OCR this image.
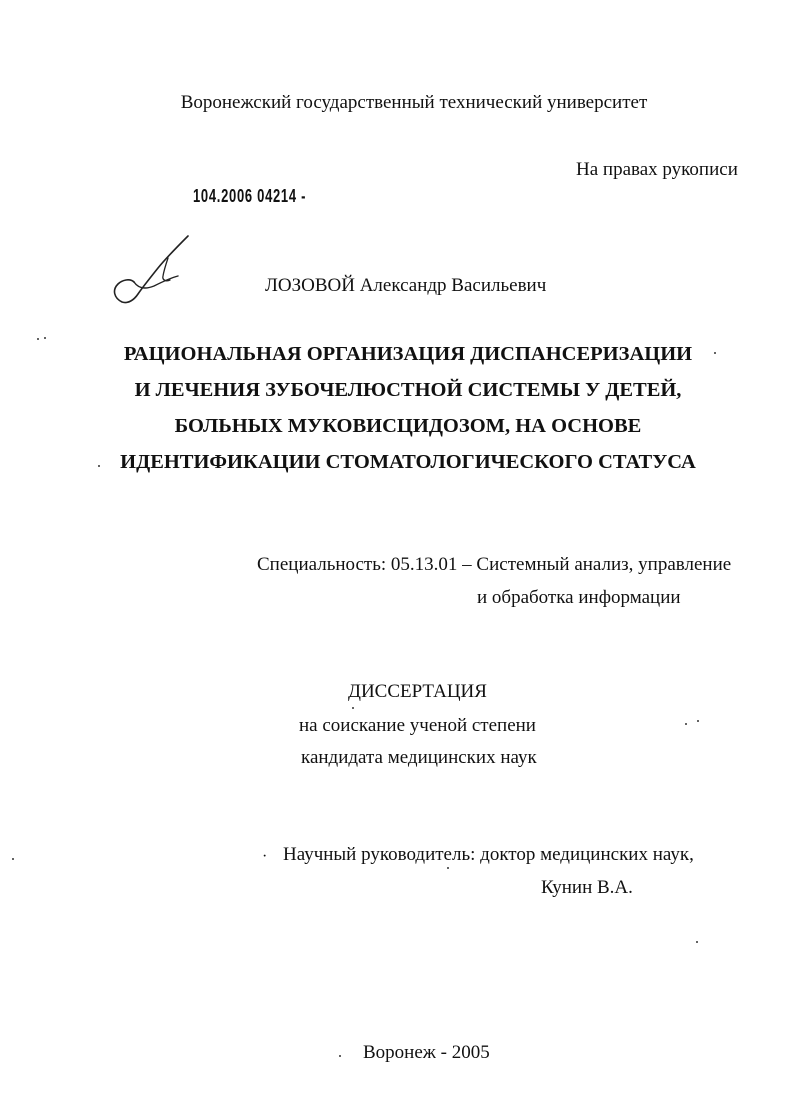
Воронежский государственный технический университет
На правах рукописи
104.2006 04214 -
ЛОЗОВОЙ Александр Васильевич
РАЦИОНАЛЬНАЯ ОРГАНИЗАЦИЯ ДИСПАНСЕРИЗАЦИИ
И ЛЕЧЕНИЯ ЗУБОЧЕЛЮСТНОЙ СИСТЕМЫ У ДЕТЕЙ,
БОЛЬНЫХ МУКОВИСЦИДОЗОМ, НА ОСНОВЕ
ИДЕНТИФИКАЦИИ СТОМАТОЛОГИЧЕСКОГО СТАТУСА
Специальность: 05.13.01 – Системный анализ, управление
и обработка информации
ДИССЕРТАЦИЯ
на соискание ученой степени
кандидата медицинских наук
· Научный руководитель: доктор медицинских наук,
Кунин В.А.
Воронеж - 2005
